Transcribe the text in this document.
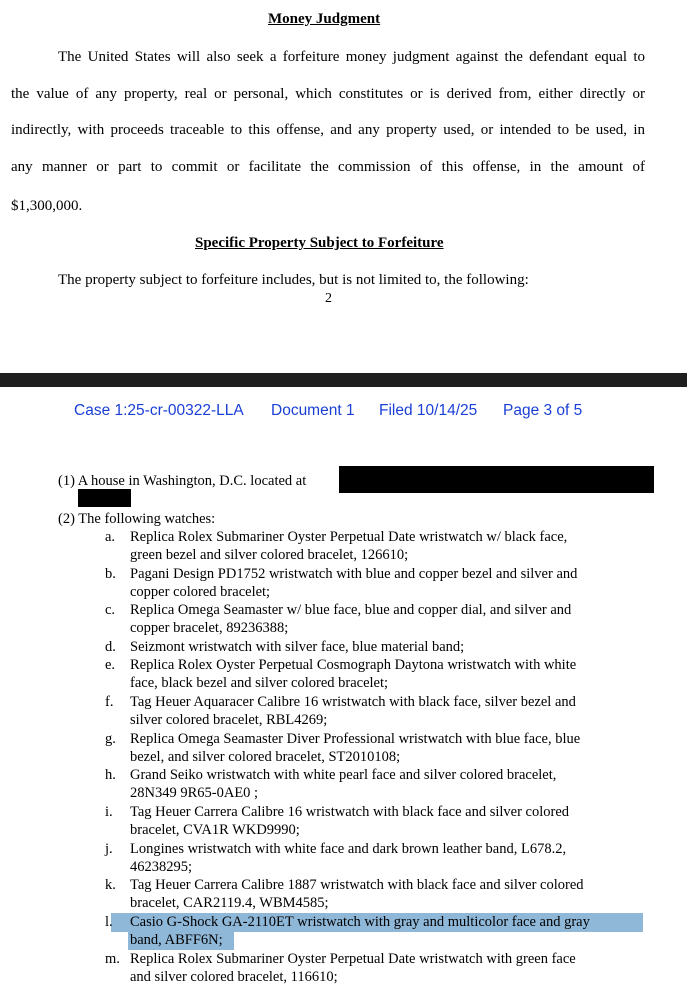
Money Judgment
The United States will also seek a forfeiture money judgment against the defendant equal to
the value of any property, real or personal, which constitutes or is derived from, either directly or
indirectly, with proceeds traceable to this offense, and any property used, or intended to be used, in
any manner or part to commit or facilitate the commission of this offense, in the amount of
$1,300,000.
Specific Property Subject to Forfeiture
The property subject to forfeiture includes, but is not limited to, the following:
2
Case 1:25-cr-00322-LLA Document 1 Filed 10/14/25 Page 3 of 5
(1) A house in Washington, D.C. located at
(2) The following watches:
a.	Replica Rolex Submariner Oyster Perpetual Date wristwatch w/ black face,
green bezel and silver colored bracelet, 126610;
b. Pagani Design PD1752 wristwatch with blue and copper bezel and silver and
copper colored bracelet;
c.	Replica Omega Seamaster w/ blue face, blue and copper dial, and silver and
copper bracelet, 89236388;
d. Seizmont wristwatch with silver face, blue material band;
e.	Replica Rolex Oyster Perpetual Cosmograph Daytona wristwatch with white
face, black bezel and silver colored bracelet;
f.	Tag Heuer Aquaracer Calibre 16 wristwatch with black face, silver bezel and
silver colored bracelet, RBL4269;
g. Replica Omega Seamaster Diver Professional wristwatch with blue face, blue
bezel, and silver colored bracelet, ST2010108;
h. Grand Seiko wristwatch with white pearl face and silver colored bracelet,
28N349 9R65-0AE0 ;
i.	Tag Heuer Carrera Calibre 16 wristwatch with black face and silver colored
bracelet, CVA1R WKD9990;
j.	Longines wristwatch with white face and dark brown leather band, L678.2,
46238295;
k. Tag Heuer Carrera Calibre 1887 wristwatch with black face and silver colored
bracelet, CAR2119.4, WBM4585;
l.	Casio G-Shock GA-2110ET wristwatch with gray and multicolor face and gray
band, ABFF6N;
m. Replica Rolex Submariner Oyster Perpetual Date wristwatch with green face
and silver colored bracelet, 116610;
